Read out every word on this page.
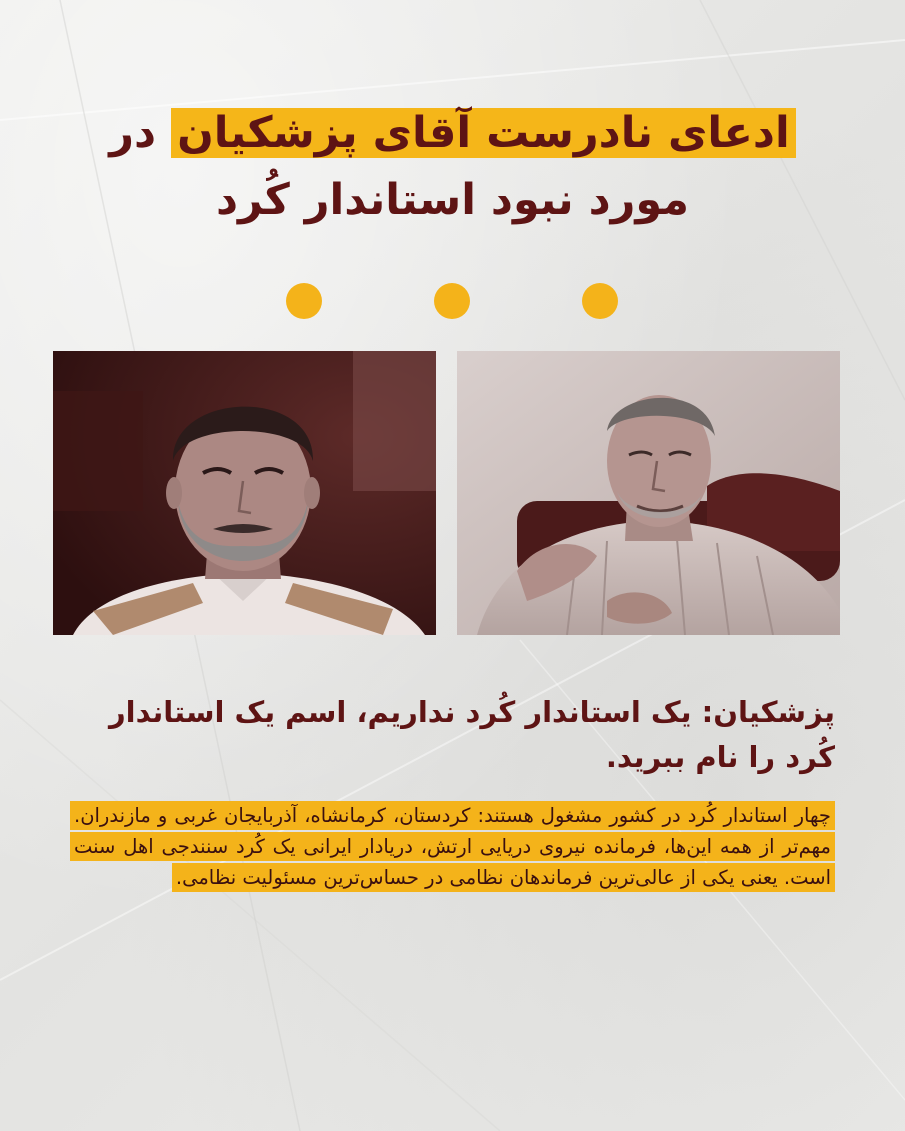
ادعای نادرست آقای پزشکیان در
مورد نبود استاندار کُرد
پزشکیان: یک استاندار کُرد نداریم، اسم یک استاندار کُرد را نام ببرید.
چهار استاندار کُرد در کشور مشغول هستند: کردستان، کرمانشاه، آذربایجان غربی و مازندران. مهم‌تر از همه این‌ها، فرمانده نیروی دریایی ارتش، دریادار ایرانی یک کُرد سنندجی اهل سنت است. یعنی یکی از عالی‌ترین فرماندهان نظامی در حساس‌ترین مسئولیت نظامی.
